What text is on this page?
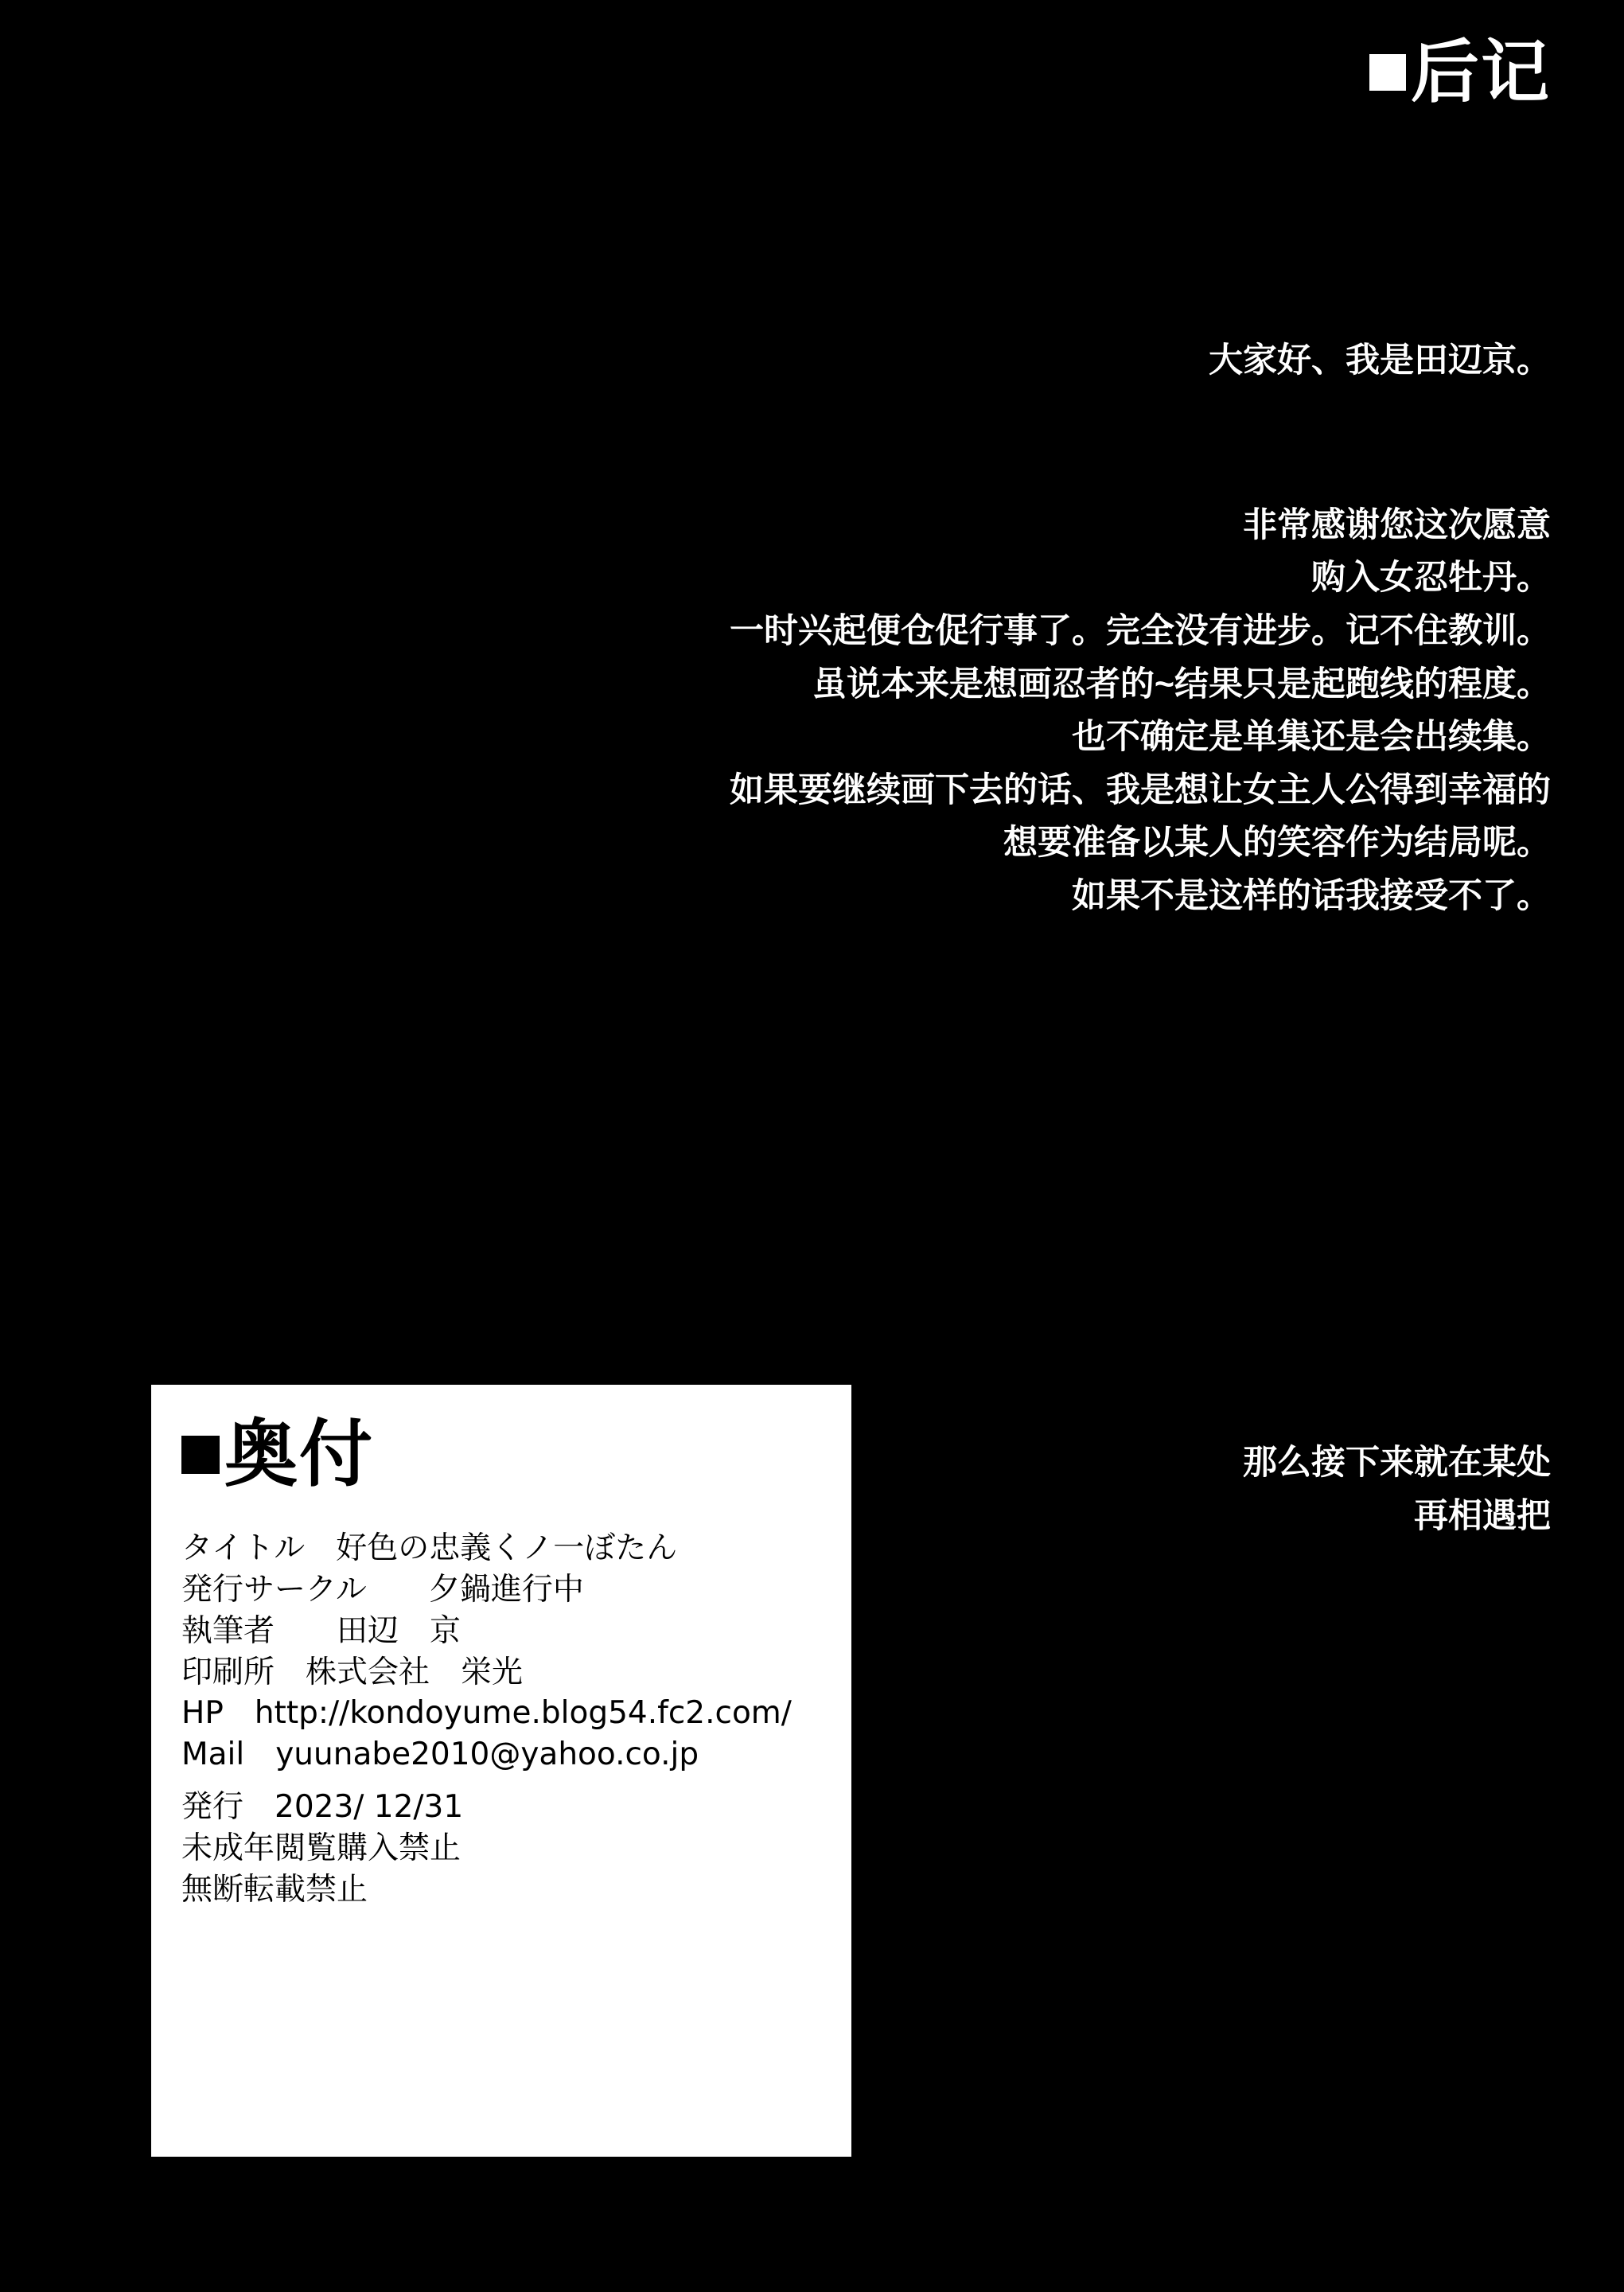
后记

大家好、我是田辺京。

非常感谢您这次愿意

购入女忍牡丹。

一时兴起便仓促行事了。完全没有进步。记不住教训。

虽说本来是想画忍者的~结果只是起跑线的程度。

也不确定是单集还是会出续集。

如果要继续画下去的话、我是想让女主人公得到幸福的

想要准备以某人的笑容作为结局呢。

如果不是这样的话我接受不了。

那么接下来就在某处

再相遇把

奥付
タイトル　好色の忠義くノ一ぼたん
発行サークル　　夕鍋進行中
執筆者　　田辺　京
印刷所　株式会社　栄光
HP　http://kondoyume.blog54.fc2.com/
Mail　yuunabe2010@yahoo.co.jp
発行　2023/ 12/31
未成年閲覧購入禁止
無断転載禁止
